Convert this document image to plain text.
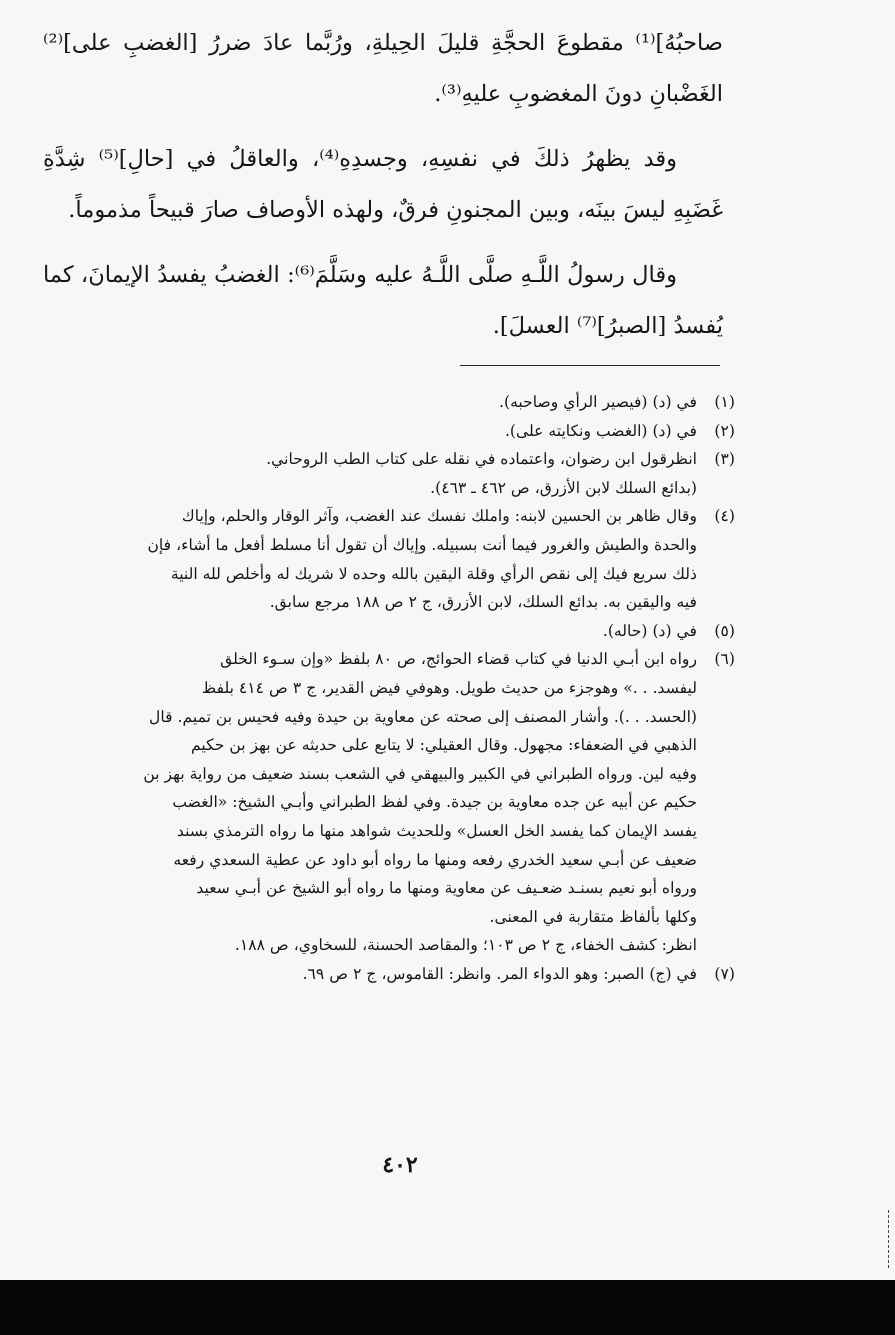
صاحبُهُ]⁽¹⁾ مقطوعَ الحجَّةِ قليلَ الحِيلةِ، ورُبَّما عادَ ضررُ [الغضبِ على]⁽²⁾ الغَضْبانِ دونَ المغضوبِ عليهِ⁽³⁾.

وقد يظهرُ ذلكَ في نفسِهِ، وجسدِهِ⁽⁴⁾، والعاقلُ في [حالِ]⁽⁵⁾ شِدَّةِ غَضَبِهِ ليسَ بينَه، وبين المجنونِ فرقٌ، ولهذه الأوصاف صارَ قبيحاً مذموماً.

وقال رسولُ اللَّـهِ صلَّى اللَّـهُ عليه وسَلَّمَ⁽⁶⁾: الغضبُ يفسدُ الإيمانَ، كما يُفسدُ [الصبرُ]⁽⁷⁾ العسلَ].

(١)
في (د) (فيصير الرأي وصاحبه).
(٢)
في (د) (الغضب ونكايته على).
(٣)
انظرقول ابن رضوان، واعتماده في نقله على كتاب الطب الروحاني.
(بدائع السلك لابن الأزرق، ص ٤٦٢ ـ ٤٦٣).
(٤)
وقال ظاهر بن الحسين لابنه: واملك نفسك عند الغضب، وآثر الوقار والحلم، وإياك
والحدة والطيش والغرور فيما أنت بسبيله. وإياك أن تقول أنا مسلط أفعل ما أشاء، فإن
ذلك سريع فيك إلى نقص الرأي وقلة اليقين بالله وحده لا شريك له وأخلص لله النية
فيه واليقين به. بدائع السلك، لابن الأزرق، ج ٢ ص ١٨٨ مرجع سابق.
(٥)
في (د) (حاله).
(٦)
رواه ابن أبـي الدنيا في كتاب قضاء الحوائج، ص ٨٠ بلفظ «وإن سـوء الخلق
ليفسد. . .» وهوجزء من حديث طويل. وهوفي فيض القدير، ج ٣ ص ٤١٤ بلفظ
(الحسد. . .). وأشار المصنف إلى صحته عن معاوية بن حيدة وفيه فحيس بن تميم. قال
الذهبي في الضعفاء: مجهول. وقال العقيلي: لا يتابع على حديثه عن بهز بن حكيم
وفيه لين. ورواه الطبراني في الكبير والبيهقي في الشعب بسند ضعيف من رواية بهز بن
حكيم عن أبيه عن جده معاوية بن جيدة. وفي لفظ الطبراني وأبـي الشيخ: «الغضب
يفسد الإيمان كما يفسد الخل العسل» وللحديث شواهد منها ما رواه الترمذي بسند
ضعيف عن أبـي سعيد الخدري رفعه ومنها ما رواه أبو داود عن عطية السعدي رفعه
ورواه أبو نعيم بسنـد ضعـيف عن معاوية ومنها ما رواه أبو الشيخ عن أبـي سعيد
وكلها بألفاظ متقاربة في المعنى.
انظر: كشف الخفاء، ج ٢ ص ١٠٣؛ والمقاصد الحسنة، للسخاوي، ص ١٨٨.
(٧)
في (ج) الصبر: وهو الدواء المر. وانظر: القاموس، ج ٢ ص ٦٩.
٤٠٢
